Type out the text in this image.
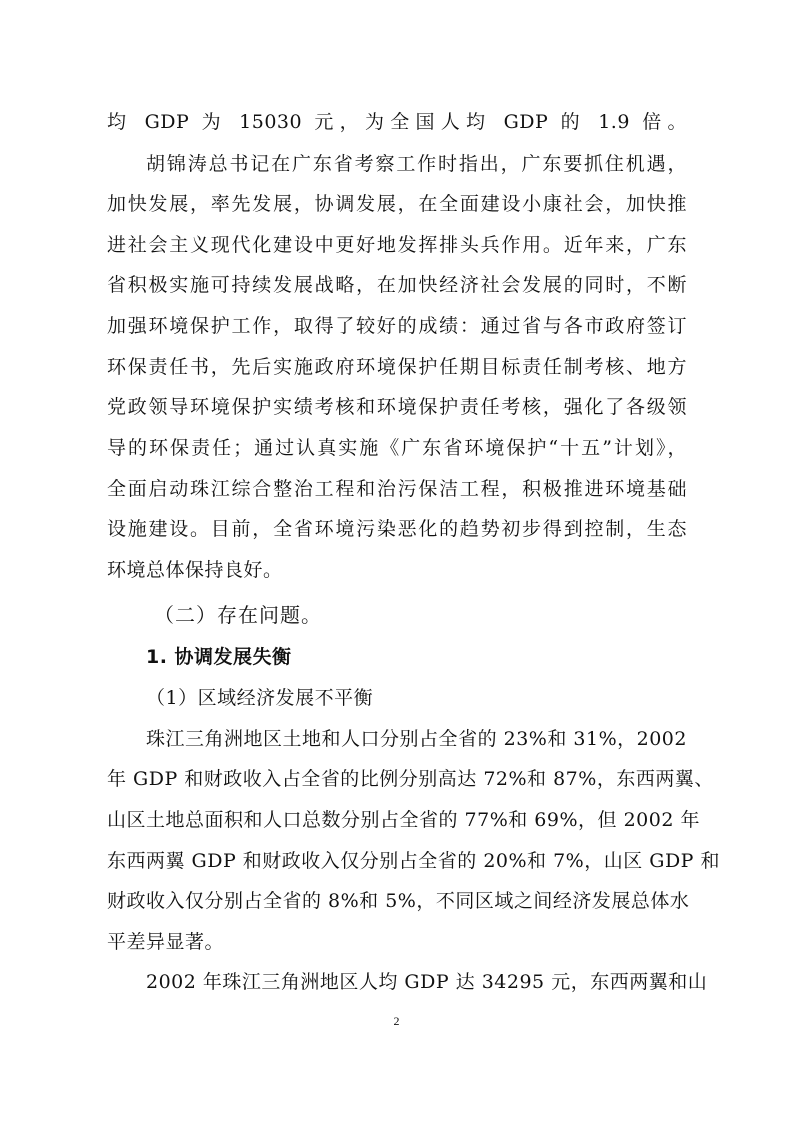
均 GDP 为 15030 元，为全国人均 GDP 的 1.9 倍。
胡锦涛总书记在广东省考察工作时指出，广东要抓住机遇，
加快发展，率先发展，协调发展，在全面建设小康社会，加快推
进社会主义现代化建设中更好地发挥排头兵作用。近年来，广东
省积极实施可持续发展战略，在加快经济社会发展的同时，不断
加强环境保护工作，取得了较好的成绩：通过省与各市政府签订
环保责任书，先后实施政府环境保护任期目标责任制考核、地方
党政领导环境保护实绩考核和环境保护责任考核，强化了各级领
导的环保责任；通过认真实施《广东省环境保护“十五”计划》，
全面启动珠江综合整治工程和治污保洁工程，积极推进环境基础
设施建设。目前，全省环境污染恶化的趋势初步得到控制，生态
环境总体保持良好。
（二）存在问题。
1. 协调发展失衡
（1）区域经济发展不平衡
珠江三角洲地区土地和人口分别占全省的 23%和 31%，2002
年 GDP 和财政收入占全省的比例分别高达 72%和 87%，东西两翼、
山区土地总面积和人口总数分别占全省的 77%和 69%，但 2002 年
东西两翼 GDP 和财政收入仅分别占全省的 20%和 7%，山区 GDP 和
财政收入仅分别占全省的 8%和 5%，不同区域之间经济发展总体水
平差异显著。
2002 年珠江三角洲地区人均 GDP 达 34295 元，东西两翼和山
2
